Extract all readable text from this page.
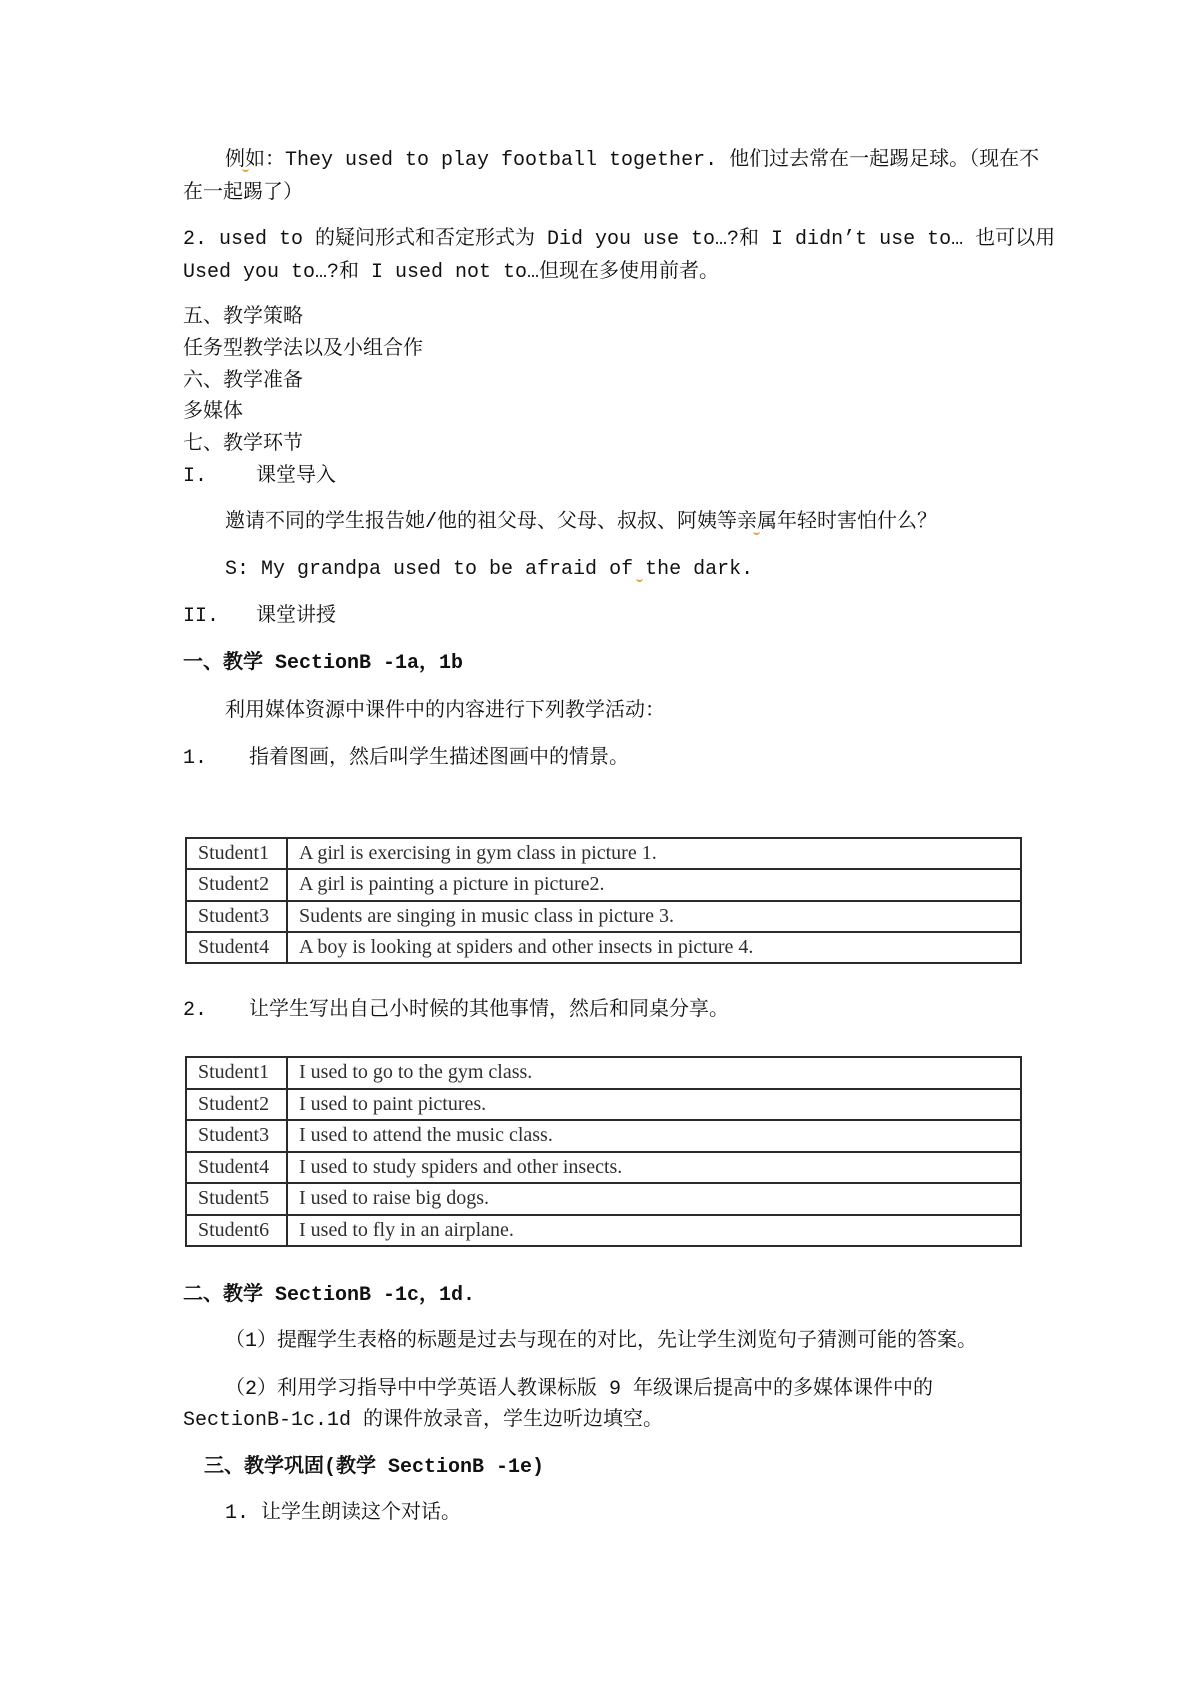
例如：They used to play football together. 他们过去常在一起踢足球。（现在不
在一起踢了）
2. used to 的疑问形式和否定形式为 Did you use to…?和 I didn’t use to… 也可以用
Used you to…?和 I used not to…但现在多使用前者。
五、教学策略
任务型教学法以及小组合作
六、教学准备
多媒体
七、教学环节
I. 课堂导入
邀请不同的学生报告她/他的祖父母、父母、叔叔、阿姨等亲属年轻时害怕什么？
S: My grandpa used to be afraid of the dark.
II. 课堂讲授
一、教学 SectionB -1a，1b
利用媒体资源中课件中的内容进行下列教学活动：
1. 指着图画，然后叫学生描述图画中的情景。
Student1	A girl is exercising in gym class in picture 1.
Student2	A girl is painting a picture in picture2.
Student3	Sudents are singing in music class in picture 3.
Student4	A boy is looking at spiders and other insects in picture 4.
2. 让学生写出自己小时候的其他事情，然后和同桌分享。
Student1	I used to go to the gym class.
Student2	I used to paint pictures.
Student3	I used to attend the music class.
Student4	I used to study spiders and other insects.
Student5	I used to raise big dogs.
Student6	I used to fly in an airplane.
二、教学 SectionB -1c，1d.
（1）提醒学生表格的标题是过去与现在的对比，先让学生浏览句子猜测可能的答案。
（2）利用学习指导中中学英语人教课标版 9 年级课后提高中的多媒体课件中的
SectionB-1c.1d 的课件放录音，学生边听边填空。
三、教学巩固(教学 SectionB -1e)
1. 让学生朗读这个对话。
